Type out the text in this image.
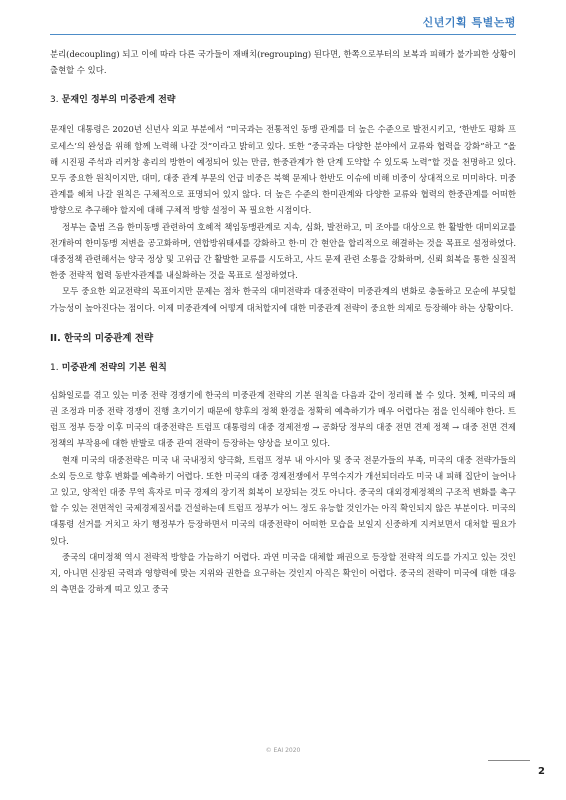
신년기획 특별논평

분리(decoupling) 되고 이에 따라 다른 국가들이 재배치(regrouping) 된다면, 한쪽으로부터의 보복과 피해가 불가피한 상황이 출현할 수 있다.

3. 문재인 정부의 미중관계 전략

문재인 대통령은 2020년 신년사 외교 부분에서 “미국과는 전통적인 동맹 관계를 더 높은 수준으로 발전시키고, ‘한반도 평화 프로세스’의 완성을 위해 함께 노력해 나갈 것”이라고 밝히고 있다. 또한 “중국과는 다양한 분야에서 교류와 협력을 강화”하고 “올해 시진핑 주석과 리커창 총리의 방한이 예정되어 있는 만큼, 한중관계가 한 단계 도약할 수 있도록 노력”할 것을 천명하고 있다. 모두 중요한 원칙이지만, 대미, 대중 관계 부문의 언급 비중은 북핵 문제나 한반도 이슈에 비해 비중이 상대적으로 미미하다. 미중관계를 헤쳐 나갈 원칙은 구체적으로 표명되어 있지 않다. 더 높은 수준의 한미관계와 다양한 교류와 협력의 한중관계를 어떠한 방향으로 추구해야 할지에 대해 구체적 방향 설정이 꼭 필요한 시점이다.

정부는 출범 즈음 한미동맹 관련하여 호혜적 책임동맹관계로 지속, 심화, 발전하고, 미 조야를 대상으로 한 활발한 대미외교를 전개하여 한미동맹 저변을 공고화하며, 연합방위태세를 강화하고 한·미 간 현안을 합리적으로 해결하는 것을 목표로 설정하였다. 대중정책 관련해서는 양국 정상 및 고위급 간 활발한 교류를 시도하고, 사드 문제 관련 소통을 강화하며, 신뢰 회복을 통한 실질적 한중 전략적 협력 동반자관계를 내실화하는 것을 목표로 설정하였다.

모두 중요한 외교전략의 목표이지만 문제는 점차 한국의 대미전략과 대중전략이 미중관계의 변화로 충돌하고 모순에 부딪힐 가능성이 높아진다는 점이다. 이제 미중관계에 어떻게 대처할지에 대한 미중관계 전략이 중요한 의제로 등장해야 하는 상황이다.

II. 한국의 미중관계 전략
1. 미중관계 전략의 기본 원칙

심화일로를 겪고 있는 미중 전략 경쟁기에 한국의 미중관계 전략의 기본 원칙을 다음과 같이 정리해 볼 수 있다. 첫째, 미국의 패권 조정과 미중 전략 경쟁이 진행 초기이기 때문에 향후의 정책 환경을 정확히 예측하기가 매우 어렵다는 점을 인식해야 한다. 트럼프 정부 등장 이후 미국의 대중전략은 트럼프 대통령의 대중 경제전쟁 → 공화당 정부의 대중 전면 견제 정책 → 대중 전면 견제정책의 부작용에 대한 반발로 대중 관여 전략이 등장하는 양상을 보이고 있다.

현재 미국의 대중전략은 미국 내 국내정치 양극화, 트럼프 정부 내 아시아 및 중국 전문가들의 부족, 미국의 대중 전략가들의 소외 등으로 향후 변화를 예측하기 어렵다. 또한 미국의 대중 경제전쟁에서 무역수지가 개선되더라도 미국 내 피해 집단이 늘어나고 있고, 양적인 대중 무역 흑자로 미국 경제의 장기적 회복이 보장되는 것도 아니다. 중국의 대외경제정책의 구조적 변화를 촉구할 수 있는 전면적인 국제경제질서를 건설하는데 트럼프 정부가 어느 정도 유능할 것인가는 아직 확인되지 않은 부분이다. 미국의 대통령 선거를 거치고 차기 행정부가 등장하면서 미국의 대중전략이 어떠한 모습을 보일지 신중하게 지켜보면서 대처할 필요가 있다.

중국의 대미정책 역시 전략적 방향을 가늠하기 어렵다. 과연 미국을 대체할 패권으로 등장할 전략적 의도를 가지고 있는 것인지, 아니면 신장된 국력과 영향력에 맞는 지위와 권한을 요구하는 것인지 아직은 확인이 어렵다. 중국의 전략이 미국에 대한 대응의 측면을 강하게 띠고 있고 중국

© EAI 2020
2
